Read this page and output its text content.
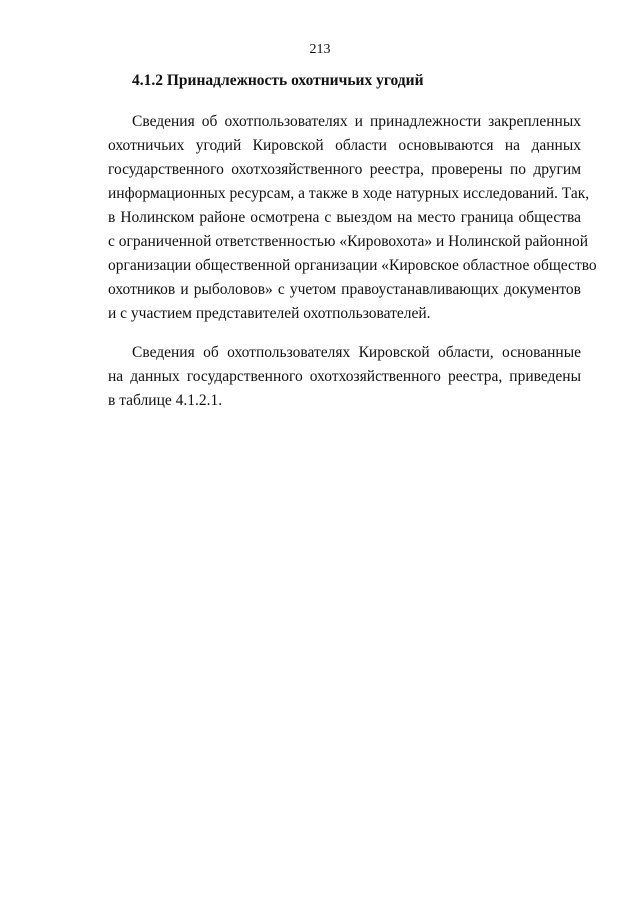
213
4.1.2 Принадлежность охотничьих угодий
Сведения об охотпользователях и принадлежности закрепленных
охотничьих угодий Кировской области основываются на данных
государственного охотхозяйственного реестра, проверены по другим
информационных ресурсам, а также в ходе натурных исследований. Так,
в Нолинском районе осмотрена с выездом на место граница общества
с ограниченной ответственностью «Кировохота» и Нолинской районной
организации общественной организации «Кировское областное общество
охотников и рыболовов» с учетом правоустанавливающих документов
и с участием представителей охотпользователей.
Сведения об охотпользователях Кировской области, основанные
на данных государственного охотхозяйственного реестра, приведены
в таблице 4.1.2.1.
